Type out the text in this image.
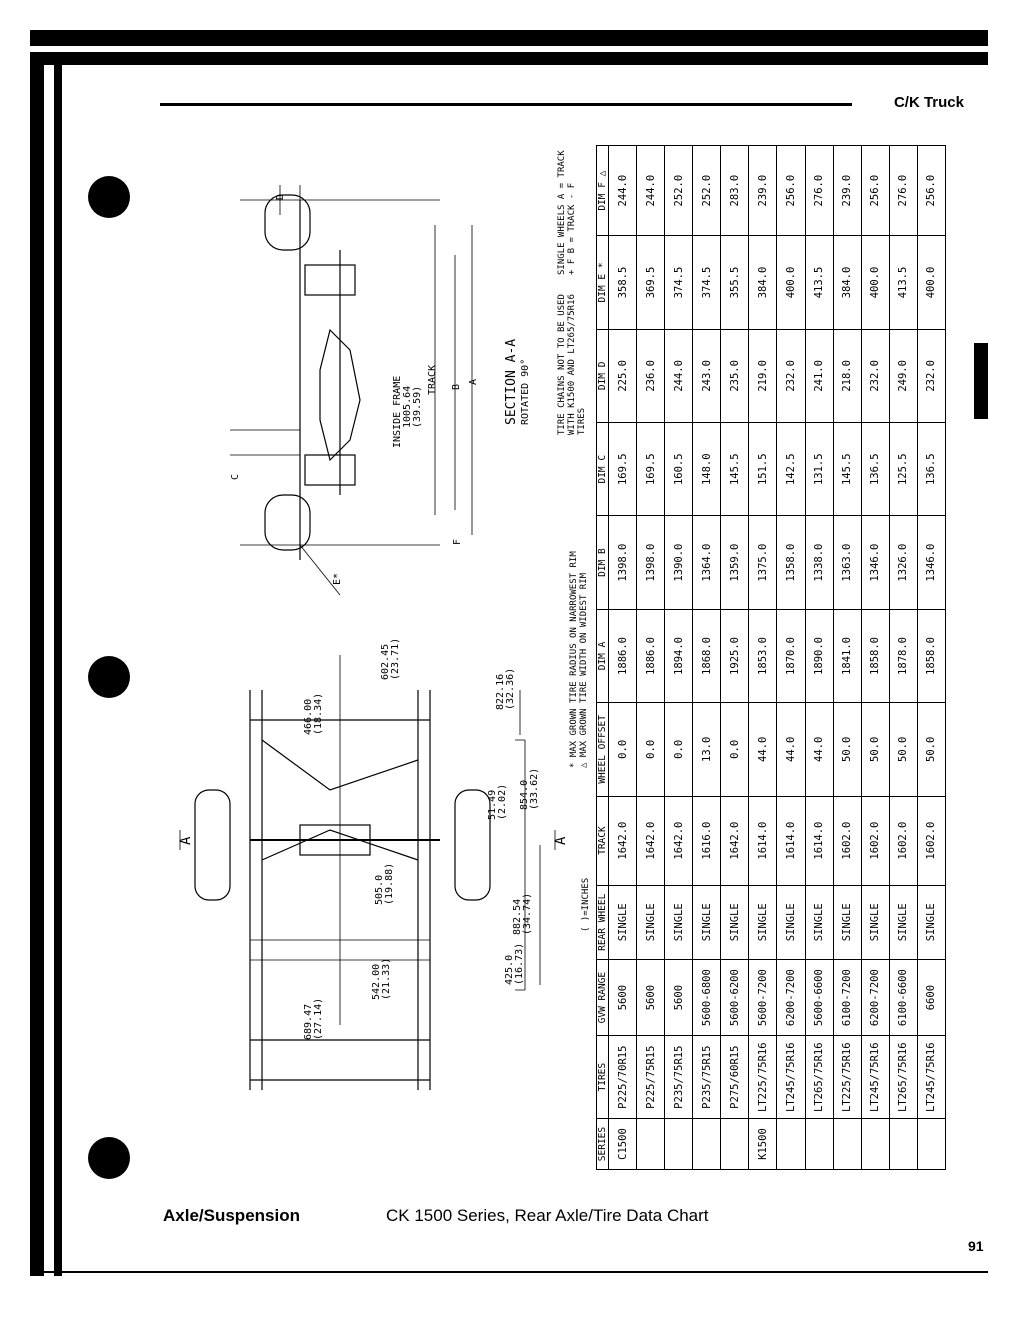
C/K Truck
INSIDE FRAME 1005.64 (39.59)
TRACK B
A
C
D
E*
F
SECTION A-A ROTATED 90°
A	A
466.00 (18.34)
602.45 (23.71)
822.16 (32.36)
51.49 (2.02) 854.0 (33.62)
505.0 (19.88)
882.54 (34.74)
425.0 (16.73)
542.00 (21.33)
689.47 (27.14)
( )=INCHES
* MAX GROWN TIRE RADIUS ON NARROWEST RIM △ MAX GROWN TIRE WIDTH ON WIDEST RIM
TIRE CHAINS NOT TO BE USED WITH K1500 AND LT265/75R16 TIRES
SINGLE WHEELS A = TRACK + F B = TRACK - F
SERIES	TIRES	GVW RANGE	REAR WHEEL	TRACK	WHEEL OFFSET	DIM A	DIM B	DIM C	DIM D	DIM E *	DIM F △
C1500	P225/70R15	5600	SINGLE	1642.0	0.0	1886.0	1398.0	169.5	225.0	358.5	244.0
	P225/75R15	5600	SINGLE	1642.0	0.0	1886.0	1398.0	169.5	236.0	369.5	244.0
	P235/75R15	5600	SINGLE	1642.0	0.0	1894.0	1390.0	160.5	244.0	374.5	252.0
	P235/75R15	5600-6800	SINGLE	1616.0	13.0	1868.0	1364.0	148.0	243.0	374.5	252.0
	P275/60R15	5600-6200	SINGLE	1642.0	0.0	1925.0	1359.0	145.5	235.0	355.5	283.0
K1500	LT225/75R16	5600-7200	SINGLE	1614.0	44.0	1853.0	1375.0	151.5	219.0	384.0	239.0
	LT245/75R16	6200-7200	SINGLE	1614.0	44.0	1870.0	1358.0	142.5	232.0	400.0	256.0
	LT265/75R16	5600-6600	SINGLE	1614.0	44.0	1890.0	1338.0	131.5	241.0	413.5	276.0
	LT225/75R16	6100-7200	SINGLE	1602.0	50.0	1841.0	1363.0	145.5	218.0	384.0	239.0
	LT245/75R16	6200-7200	SINGLE	1602.0	50.0	1858.0	1346.0	136.5	232.0	400.0	256.0
	LT265/75R16	6100-6600	SINGLE	1602.0	50.0	1878.0	1326.0	125.5	249.0	413.5	276.0
	LT245/75R16	6600	SINGLE	1602.0	50.0	1858.0	1346.0	136.5	232.0	400.0	256.0
Axle/Suspension	CK 1500 Series, Rear Axle/Tire Data Chart
91
